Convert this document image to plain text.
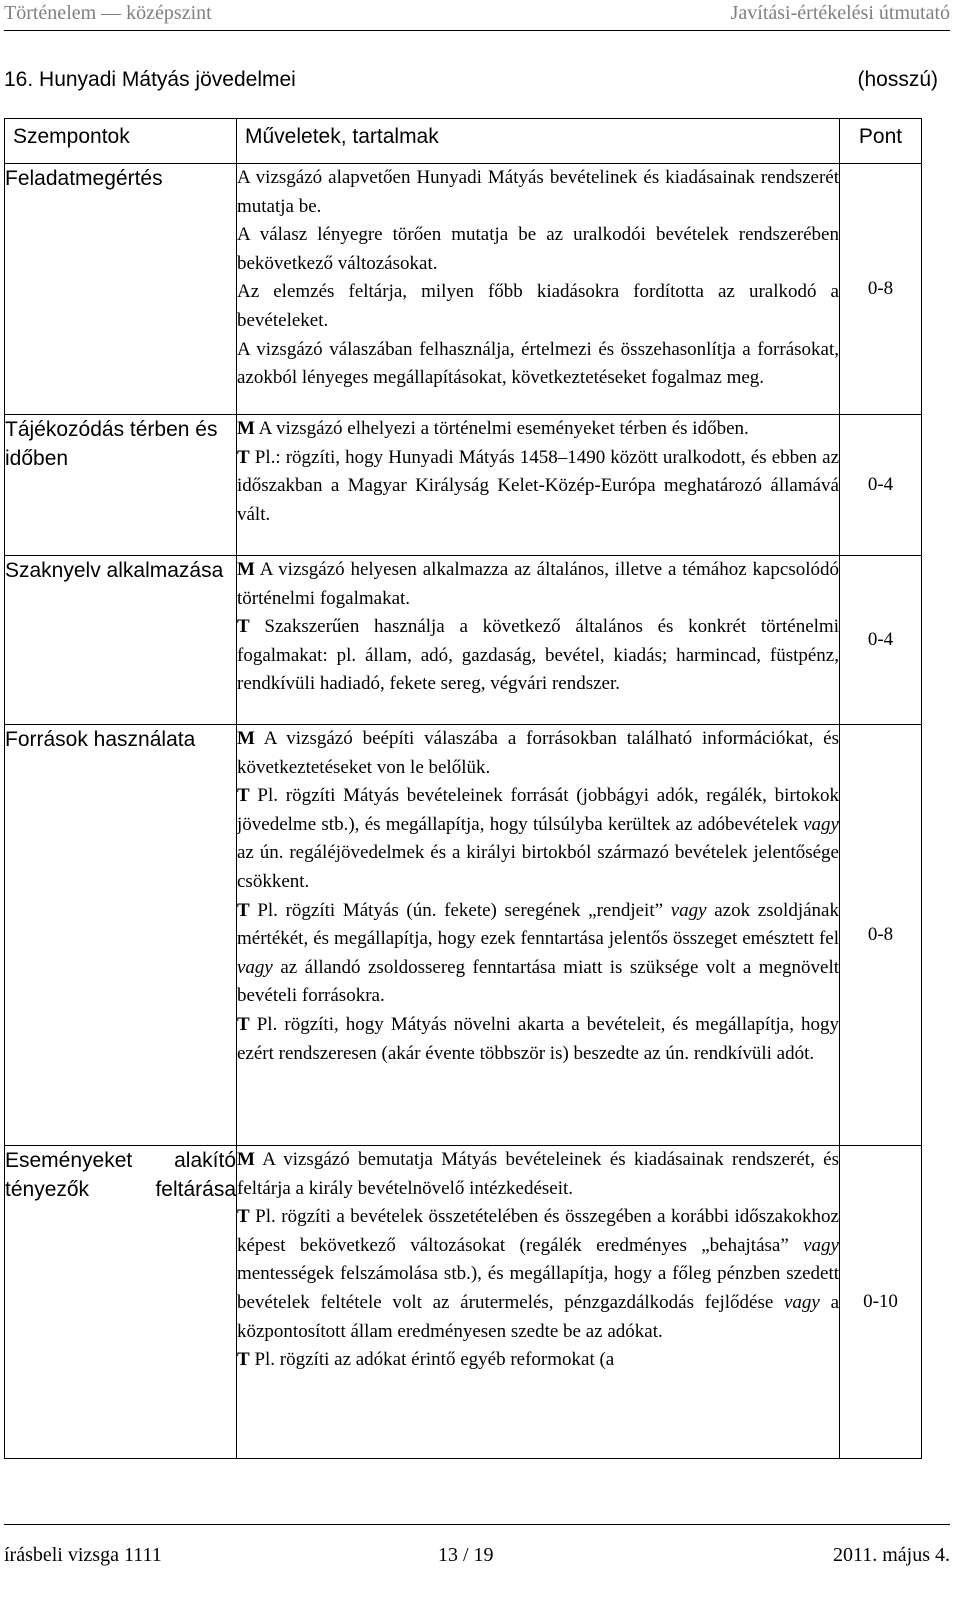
Történelem — középszint	Javítási-értékelési útmutató
16. Hunyadi Mátyás jövedelmei	(hosszú)
Szempontok	Műveletek, tartalmak	Pont
Feladatmegértés	A vizsgázó alapvetően Hunyadi Mátyás bevételinek és kiadásainak rendszerét mutatja be.

A válasz lényegre törően mutatja be az uralkodói bevételek rendszerében bekövetkező változásokat.

Az elemzés feltárja, milyen főbb kiadásokra fordította az uralkodó a bevételeket.

A vizsgázó válaszában felhasználja, értelmezi és összehasonlítja a forrásokat, azokból lényeges megállapításokat, következtetéseket fogalmaz meg.	0-8
Tájékozódás térben és időben	M A vizsgázó elhelyezi a történelmi eseményeket térben és időben.

T Pl.: rögzíti, hogy Hunyadi Mátyás 1458–1490 között uralkodott, és ebben az időszakban a Magyar Királyság Kelet-Közép-Európa meghatározó államává vált.	0-4
Szaknyelv alkalmazása	M A vizsgázó helyesen alkalmazza az általános, illetve a témához kapcsolódó történelmi fogalmakat.

T Szakszerűen használja a következő általános és konkrét történelmi fogalmakat: pl. állam, adó, gazdaság, bevétel, kiadás; harmincad, füstpénz, rendkívüli hadiadó, fekete sereg, végvári rendszer.	0-4
Források használata	M A vizsgázó beépíti válaszába a forrásokban található információkat, és következtetéseket von le belőlük.

T Pl. rögzíti Mátyás bevételeinek forrását (jobbágyi adók, regálék, birtokok jövedelme stb.), és megállapítja, hogy túlsúlyba kerültek az adóbevételek vagy az ún. regáléjövedelmek és a királyi birtokból származó bevételek jelentősége csökkent.

T Pl. rögzíti Mátyás (ún. fekete) seregének „rendjeit” vagy azok zsoldjának mértékét, és megállapítja, hogy ezek fenntartása jelentős összeget emésztett fel vagy az állandó zsoldossereg fenntartása miatt is szüksége volt a megnövelt bevételi forrásokra.

T Pl. rögzíti, hogy Mátyás növelni akarta a bevételeit, és megállapítja, hogy ezért rendszeresen (akár évente többször is) beszedte az ún. rendkívüli adót.	0-8

Eseményeket alakító tényezők feltárása	M A vizsgázó bemutatja Mátyás bevételeinek és kiadásainak rendszerét, és feltárja a király bevételnövelő intézkedéseit.

T Pl. rögzíti a bevételek összetételében és összegében a korábbi időszakokhoz képest bekövetkező változásokat (regálék eredményes „behajtása” vagy mentességek felszámolása stb.), és megállapítja, hogy a főleg pénzben szedett bevételek feltétele volt az árutermelés, pénzgazdálkodás fejlődése vagy a központosított állam eredményesen szedte be az adókat.

T Pl. rögzíti az adókat érintő egyéb reformokat (a	0-10
írásbeli vizsga 1111	13 / 19	2011. május 4.
